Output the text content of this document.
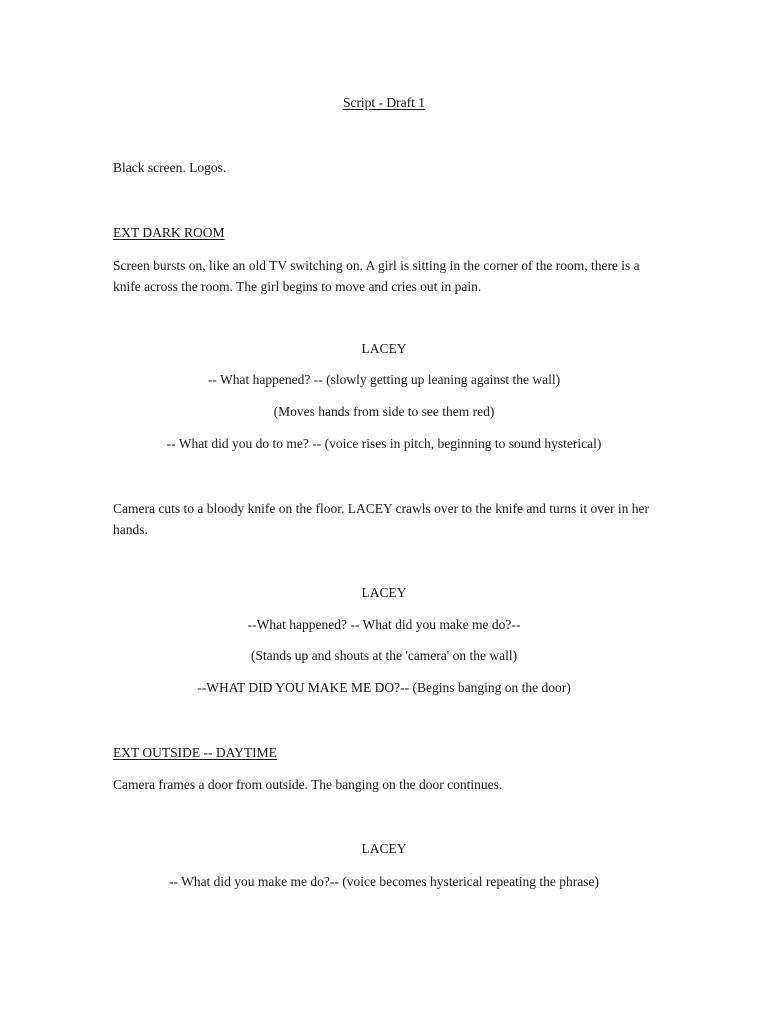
Script - Draft 1
Black screen. Logos.
EXT DARK ROOM
Screen bursts on, like an old TV switching on. A girl is sitting in the corner of the room, there is a knife across the room. The girl begins to move and cries out in pain.
LACEY
-- What happened? -- (slowly getting up leaning against the wall)
(Moves hands from side to see them red)
-- What did you do to me? -- (voice rises in pitch, beginning to sound hysterical)
Camera cuts to a bloody knife on the floor. LACEY crawls over to the knife and turns it over in her hands.
LACEY
--What happened? -- What did you make me do?--
(Stands up and shouts at the 'camera' on the wall)
--WHAT DID YOU MAKE ME DO?-- (Begins banging on the door)
EXT OUTSIDE -- DAYTIME
Camera frames a door from outside. The banging on the door continues.
LACEY
-- What did you make me do?-- (voice becomes hysterical repeating the phrase)
